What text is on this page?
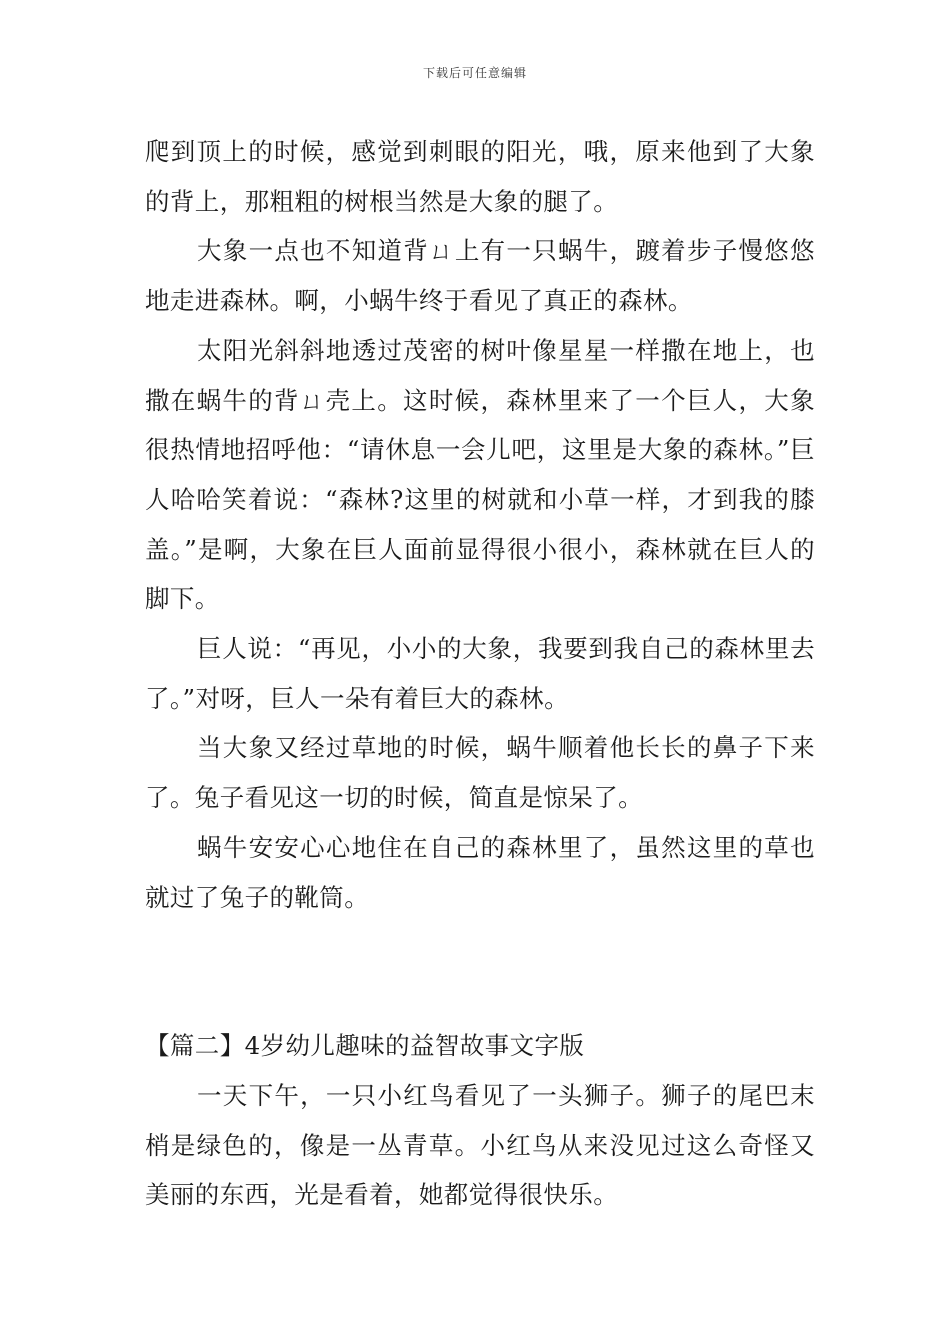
下载后可任意编辑

爬到顶上的时候，感觉到刺眼的阳光，哦，原来他到了大象的背上，那粗粗的树根当然是大象的腿了。

大象一点也不知道背ㄩ上有一只蜗牛，踱着步子慢悠悠地走进森林。啊，小蜗牛终于看见了真正的森林。

太阳光斜斜地透过茂密的树叶像星星一样撒在地上，也撒在蜗牛的背ㄩ壳上。这时候，森林里来了一个巨人，大象很热情地招呼他：“请休息一会儿吧，这里是大象的森林。”巨人哈哈笑着说：“森林?这里的树就和小草一样，才到我的膝盖。”是啊，大象在巨人面前显得很小很小，森林就在巨人的脚下。

巨人说：“再见，小小的大象，我要到我自己的森林里去了。”对呀，巨人一朵有着巨大的森林。

当大象又经过草地的时候，蜗牛顺着他长长的鼻子下来了。兔子看见这一切的时候，简直是惊呆了。

蜗牛安安心心地住在自己的森林里了，虽然这里的草也就过了兔子的靴筒。

【篇二】4岁幼儿趣味的益智故事文字版

一天下午，一只小红鸟看见了一头狮子。狮子的尾巴末梢是绿色的，像是一丛青草。小红鸟从来没见过这么奇怪又美丽的东西，光是看着，她都觉得很快乐。
